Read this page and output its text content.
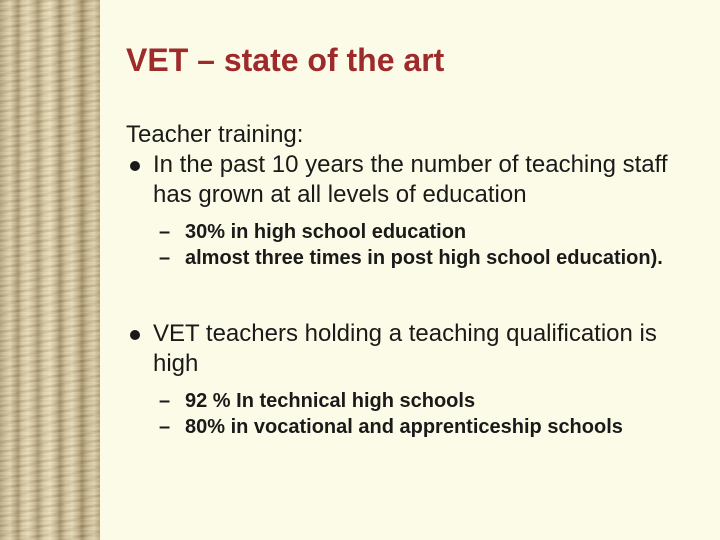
VET – state of the art

Teacher training:

In the past 10 years the number of teaching staff has grown at all levels of education
– 30% in high school education
– almost three times in post high school education).
VET teachers holding a teaching qualification is high
– 92 % In technical high schools
– 80% in vocational and apprenticeship schools
